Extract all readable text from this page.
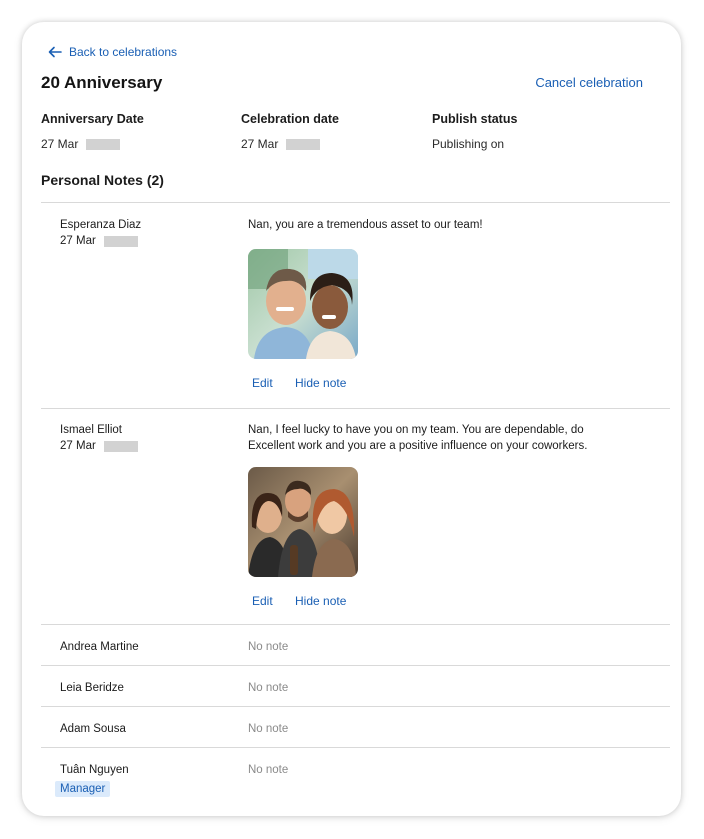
Back to celebrations
20 Anniversary	Cancel celebration
Anniversary Date
27 Mar
Celebration date
27 Mar
Publish status
Publishing on
Personal Notes (2)
Esperanza Diaz
27 Mar
Nan, you are a tremendous asset to our team!
Edit Hide note
Ismael Elliot
27 Mar
Nan, I feel lucky to have you on my team. You are dependable, do Excellent work and you are a positive influence on your coworkers.
Edit Hide note
Andrea Martine	No note
Leia Beridze	No note
Adam Sousa	No note
Tuân Nguyen	No note
Manager
